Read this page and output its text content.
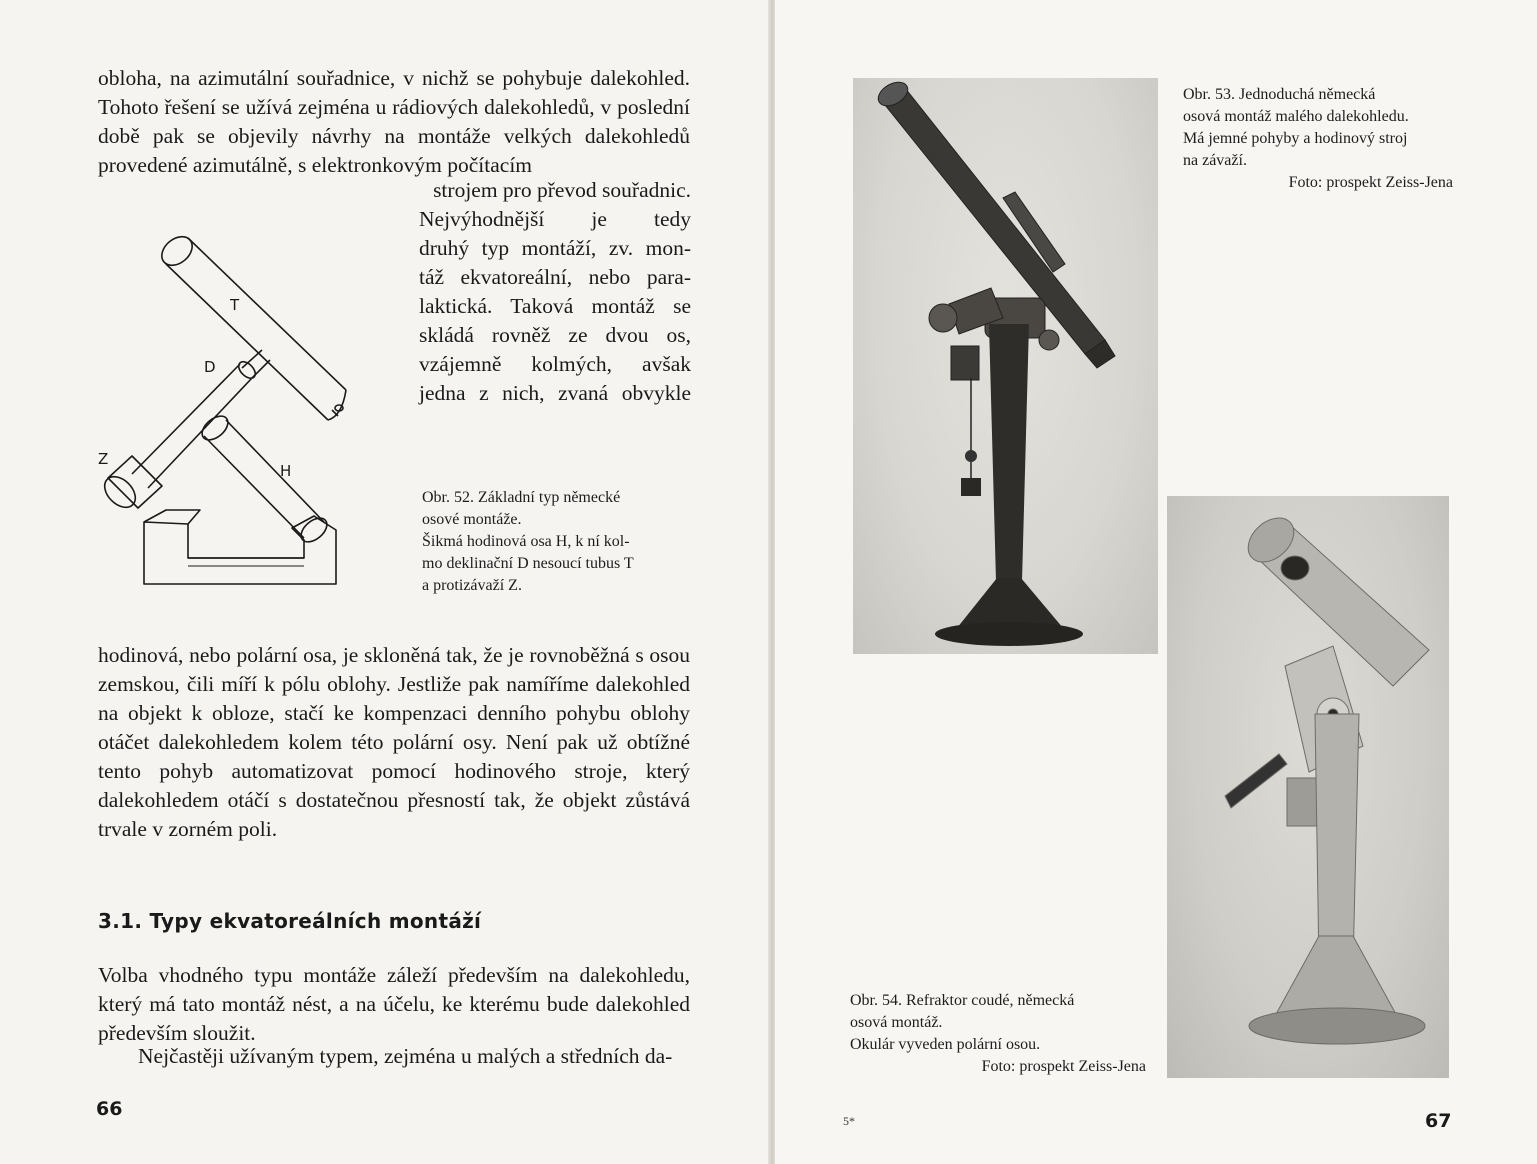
obloha, na azimutální souřadnice, v nichž se pohybuje dalekohled. Tohoto řešení se užívá zejména u rádiových dalekohledů, v poslední době pak se objevily návrhy na montáže velkých dalekohledů provedené azimutálně, s elektronkovým počítacím

strojem pro převod souřadnic.
Nejvýhodnější je tedy
druhý typ montáží, zv. mon-
táž ekvatoreální, nebo para-
laktická. Taková montáž se
skládá rovněž ze dvou os,
vzájemně kolmých, avšak
jedna z nich, zvaná obvykle

T
D
Z
H
Obr. 52. Základní typ německé
osové montáže.
Šikmá hodinová osa H, k ní kol-
mo deklinační D nesoucí tubus T
a protizávaží Z.

hodinová, nebo polární osa, je skloněná tak, že je rovnoběžná s osou zemskou, čili míří k pólu oblohy. Jestliže pak namíříme dalekohled na objekt k obloze, stačí ke kompenzaci denního pohybu oblohy otáčet dalekohledem kolem této polární osy. Není pak už obtížné tento pohyb automatizovat pomocí hodinového stroje, který dalekohledem otáčí s dostatečnou přesností tak, že objekt zůstává trvale v zorném poli.

3.1. Typy ekvatoreálních montáží

Volba vhodného typu montáže záleží především na dalekohledu, který má tato montáž nést, a na účelu, ke kterému bude dalekohled především sloužit.

Nejčastěji užívaným typem, zejména u malých a středních da-

66
Obr. 53. Jednoduchá německá
osová montáž malého dalekohledu.
Má jemné pohyby a hodinový stroj
na závaží.
Foto: prospekt Zeiss-Jena
Obr. 54. Refraktor coudé, německá
osová montáž.
Okulár vyveden polární osou.
Foto: prospekt Zeiss-Jena
5*	67
